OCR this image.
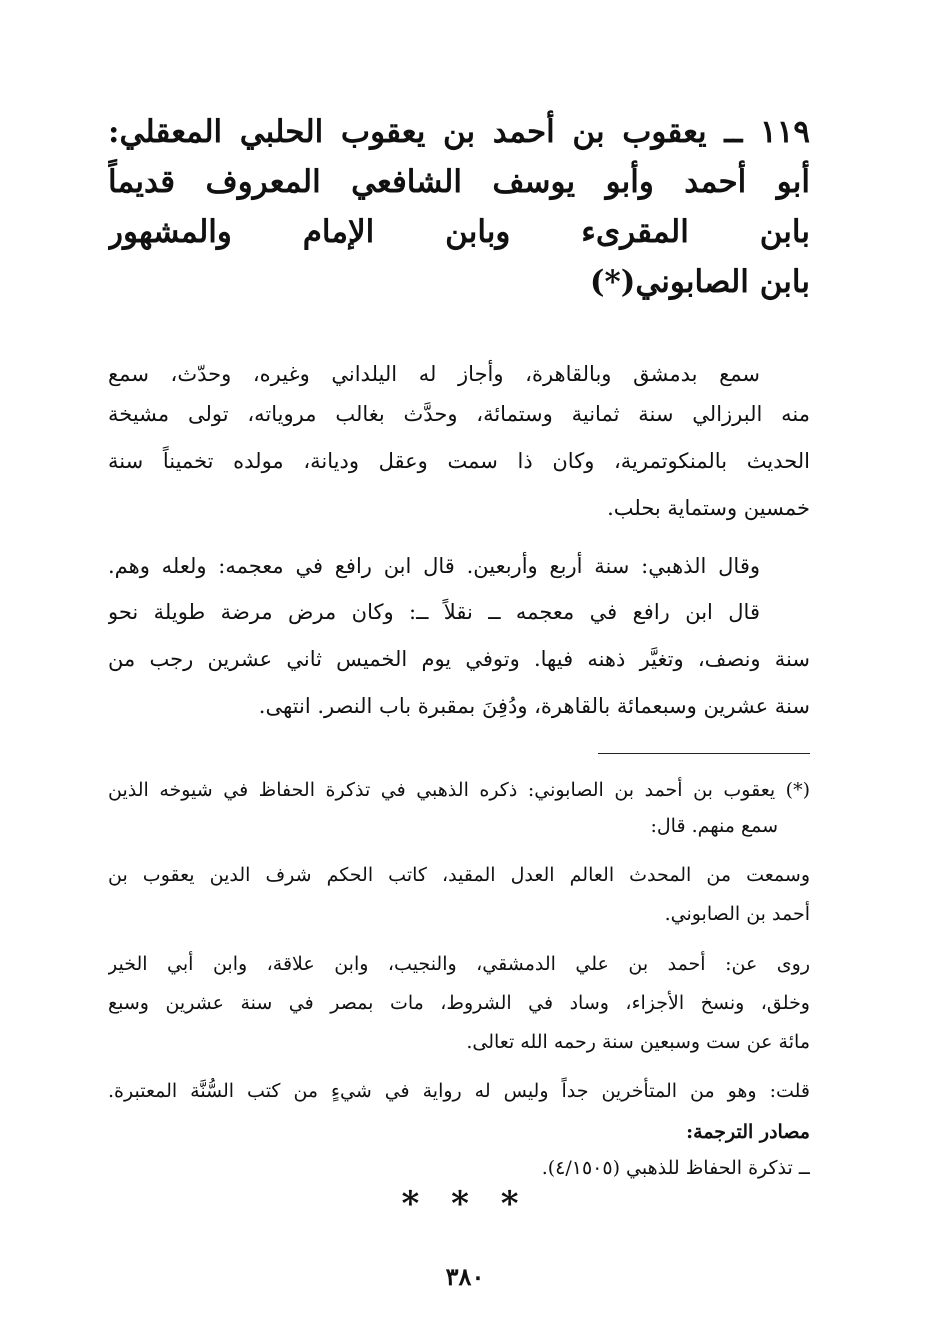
١١٩ ــ يعقوب بن أحمد بن يعقوب الحلبي المعقلي:
أبو أحمد وأبو يوسف الشافعي المعروف قديماً
بابن المقرىء وبابن الإمام والمشهور
بابن الصابوني(*)
سمع بدمشق وبالقاهرة، وأجاز له اليلداني وغيره، وحدّث، سمع
منه البرزالي سنة ثمانية وستمائة، وحدَّث بغالب مروياته، تولى مشيخة
الحديث بالمنكوتمرية، وكان ذا سمت وعقل وديانة، مولده تخميناً سنة
خمسين وستماية بحلب.
وقال الذهبي: سنة أربع وأربعين. قال ابن رافع في معجمه: ولعله وهم.
قال ابن رافع في معجمه ــ نقلاً ــ: وكان مرض مرضة طويلة نحو
سنة ونصف، وتغيَّر ذهنه فيها. وتوفي يوم الخميس ثاني عشرين رجب من
سنة عشرين وسبعمائة بالقاهرة، ودُفِنَ بمقبرة باب النصر. انتهى.
(*) يعقوب بن أحمد بن الصابوني: ذكره الذهبي في تذكرة الحفاظ في شيوخه الذين
سمع منهم. قال:
وسمعت من المحدث العالم العدل المقيد، كاتب الحكم شرف الدين يعقوب بن
أحمد بن الصابوني.
روى عن: أحمد بن علي الدمشقي، والنجيب، وابن علاقة، وابن أبي الخير
وخلق، ونسخ الأجزاء، وساد في الشروط، مات بمصر في سنة عشرين وسبع
مائة عن ست وسبعين سنة رحمه الله تعالى.
قلت: وهو من المتأخرين جداً وليس له رواية في شيءٍ من كتب السُّنَّة المعتبرة.
مصادر الترجمة:
ــ تذكرة الحفاظ للذهبي (٤/١٥٠٥).
* * *
٣٨٠
